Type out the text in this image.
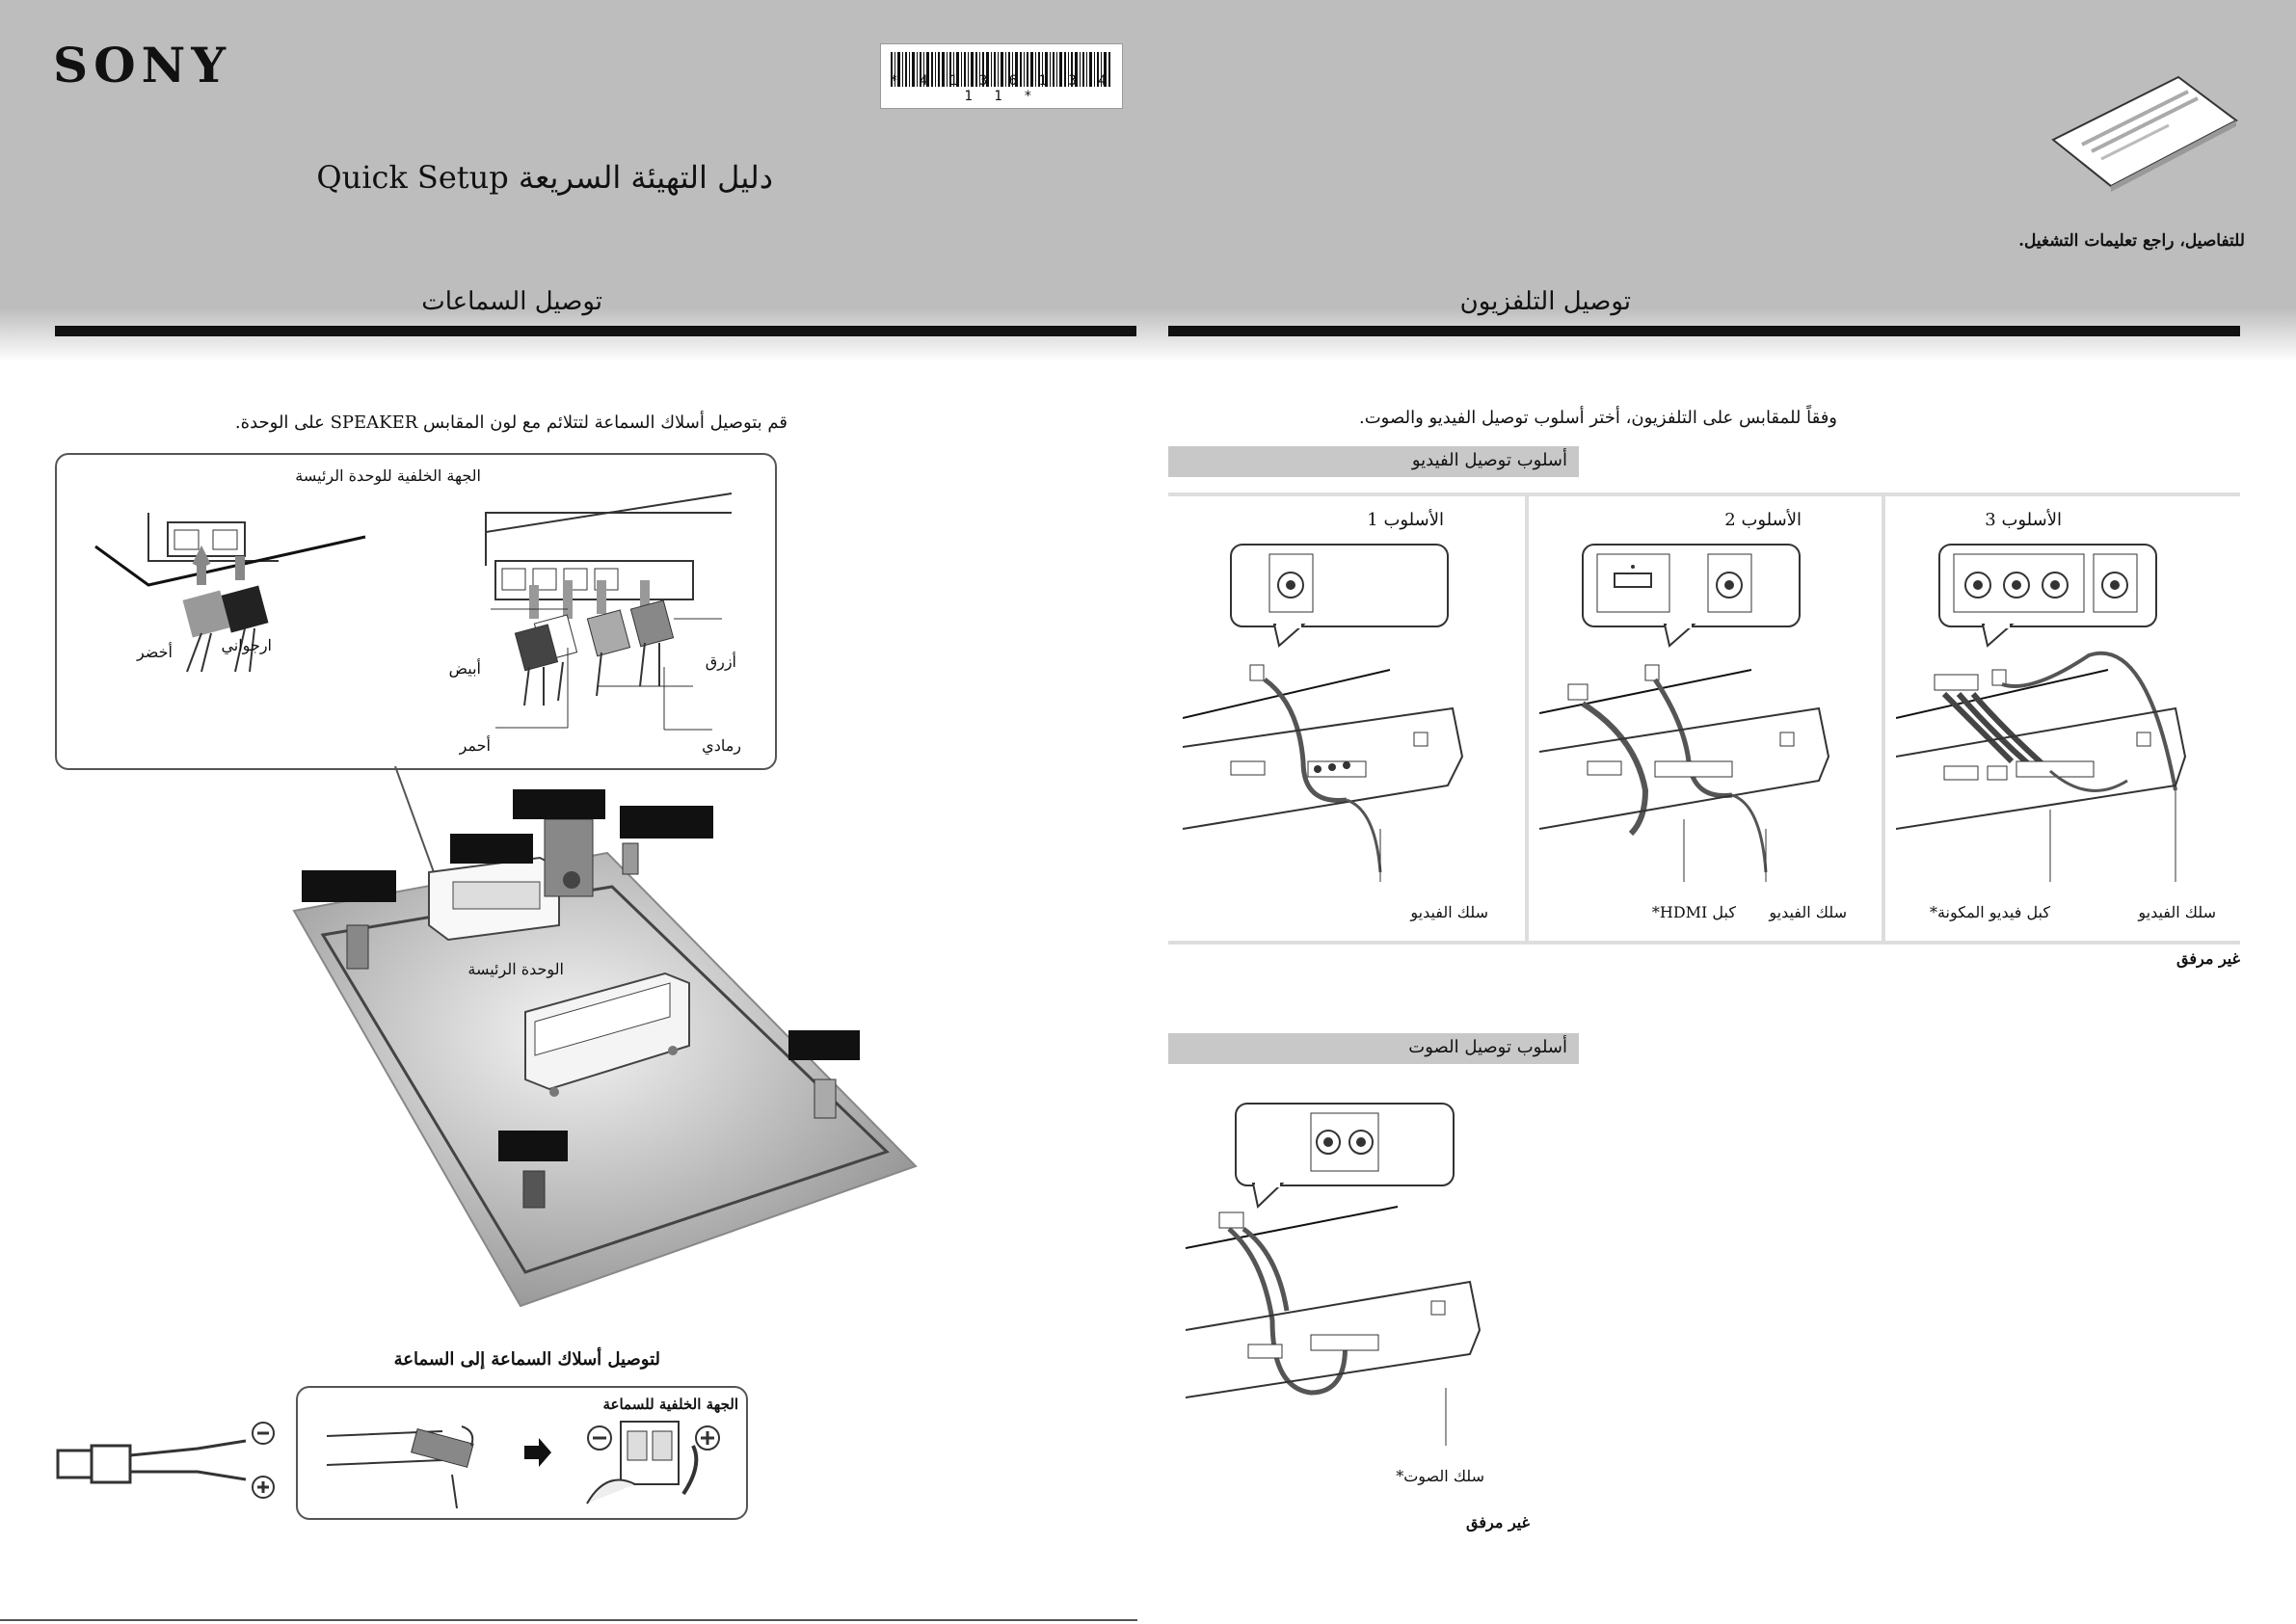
SONY	* 4 1 3 6 1 3 4 1 1 *
دليل التهيئة السريعة Quick Setup
للتفاصيل، راجع تعليمات التشغيل.
توصيل السماعات	توصيل التلفزيون
قم بتوصيل أسلاك السماعة لتتلائم مع لون المقابس SPEAKER على الوحدة.
الجهة الخلفية للوحدة الرئيسة
أخضر	ارجواني
أبيض
أحمر
أزرق
رمادي
الوحدة الرئيسة
لتوصيل أسلاك السماعة إلى السماعة
الجهة الخلفية للسماعة
وفقاً للمقابس على التلفزيون، أختر أسلوب توصيل الفيديو والصوت.
أسلوب توصيل الفيديو
الأسلوب 1
سلك الفيديو
الأسلوب 2
سلك الفيديو
كبل HDMI*
الأسلوب 3
سلك الفيديو
كبل فيديو المكونة*
غير مرفق
أسلوب توصيل الصوت
سلك الصوت*
غير مرفق
